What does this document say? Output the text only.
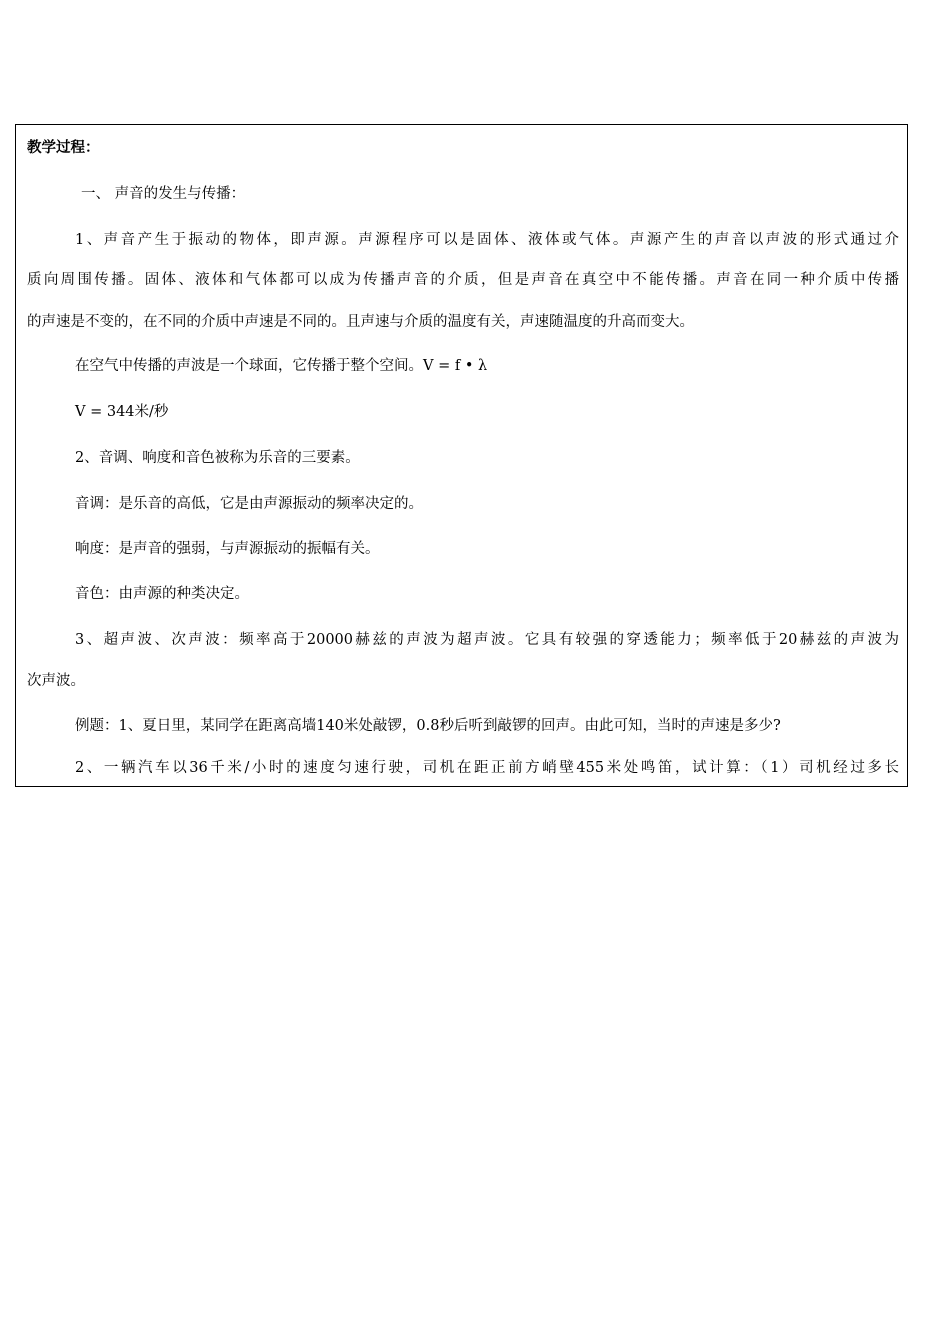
教学过程：
一、 声音的发生与传播：
1、声音产生于振动的物体，即声源。声源程序可以是固体、液体或气体。声源产生的声音以声波的形式通过介
质向周围传播。固体、液体和气体都可以成为传播声音的介质，但是声音在真空中不能传播。声音在同一种介质中传播
的声速是不变的，在不同的介质中声速是不同的。且声速与介质的温度有关，声速随温度的升高而变大。
在空气中传播的声波是一个球面，它传播于整个空间。V = f • λ
V = 344米/秒
2、音调、响度和音色被称为乐音的三要素。
音调：是乐音的高低，它是由声源振动的频率决定的。
响度：是声音的强弱，与声源振动的振幅有关。
音色：由声源的种类决定。
3、超声波、次声波：频率高于20000赫兹的声波为超声波。它具有较强的穿透能力；频率低于20赫兹的声波为
次声波。
例题：1、夏日里，某同学在距离高墙140米处敲锣，0.8秒后听到敲锣的回声。由此可知，当时的声速是多少?
2、一辆汽车以36千米/小时的速度匀速行驶，司机在距正前方峭壁455米处鸣笛，试计算：（1）司机经过多长
